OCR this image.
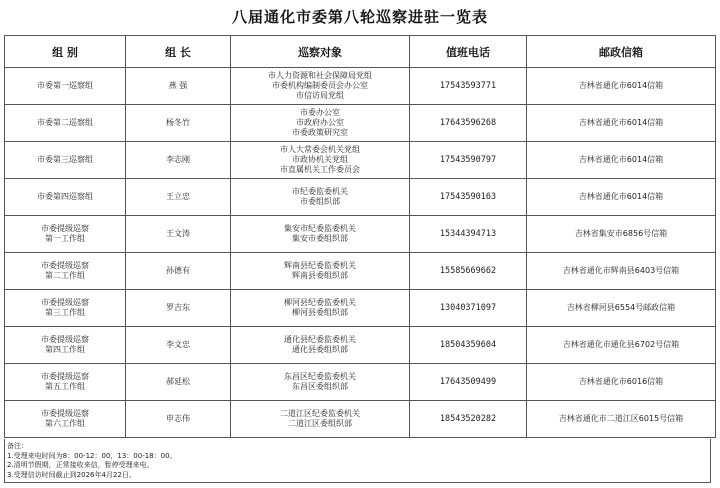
八届通化市委第八轮巡察进驻一览表
组 别	组 长	巡察对象	值班电话	邮政信箱

市委第一巡察组	燕 强	市人力资源和社会保障局党组
市委机构编制委员会办公室
市信访局党组	17543593771	吉林省通化市6014信箱

市委第二巡察组	杨冬竹	市委办公室
市政府办公室
市委政策研究室	17643596268	吉林省通化市6014信箱

市委第三巡察组	李志刚	市人大常委会机关党组
市政协机关党组
市直属机关工作委员会	17543590797	吉林省通化市6014信箱

市委第四巡察组	王立忠	市纪委监委机关
市委组织部	17543590163	吉林省通化市6014信箱

市委提级巡察
第一工作组	王文涛	集安市纪委监委机关
集安市委组织部	15344394713	吉林省集安市6856号信箱

市委提级巡察
第二工作组	孙德有	辉南县纪委监委机关
辉南县委组织部	15585669662	吉林省通化市辉南县6403号信箱

市委提级巡察
第三工作组	罗吉东	柳河县纪委监委机关
柳河县委组织部	13040371097	吉林省柳河县6554号邮政信箱

市委提级巡察
第四工作组	李文忠	通化县纪委监委机关
通化县委组织部	18504359604	吉林省通化市通化县6702号信箱

市委提级巡察
第五工作组	郝延松	东昌区纪委监委机关
东昌区委组织部	17643509499	吉林省通化市6016信箱

市委提级巡察
第六工作组	申志伟	二道江区纪委监委机关
二道江区委组织部	18543520282	吉林省通化市二道江区6015号信箱
备注：
1.受理来电时间为8：00-12：00，13：00-18：00。
2.清明节假期，正常接收来信，暂停受理来电。
3.受理信访时间截止到2026年4月22日。
